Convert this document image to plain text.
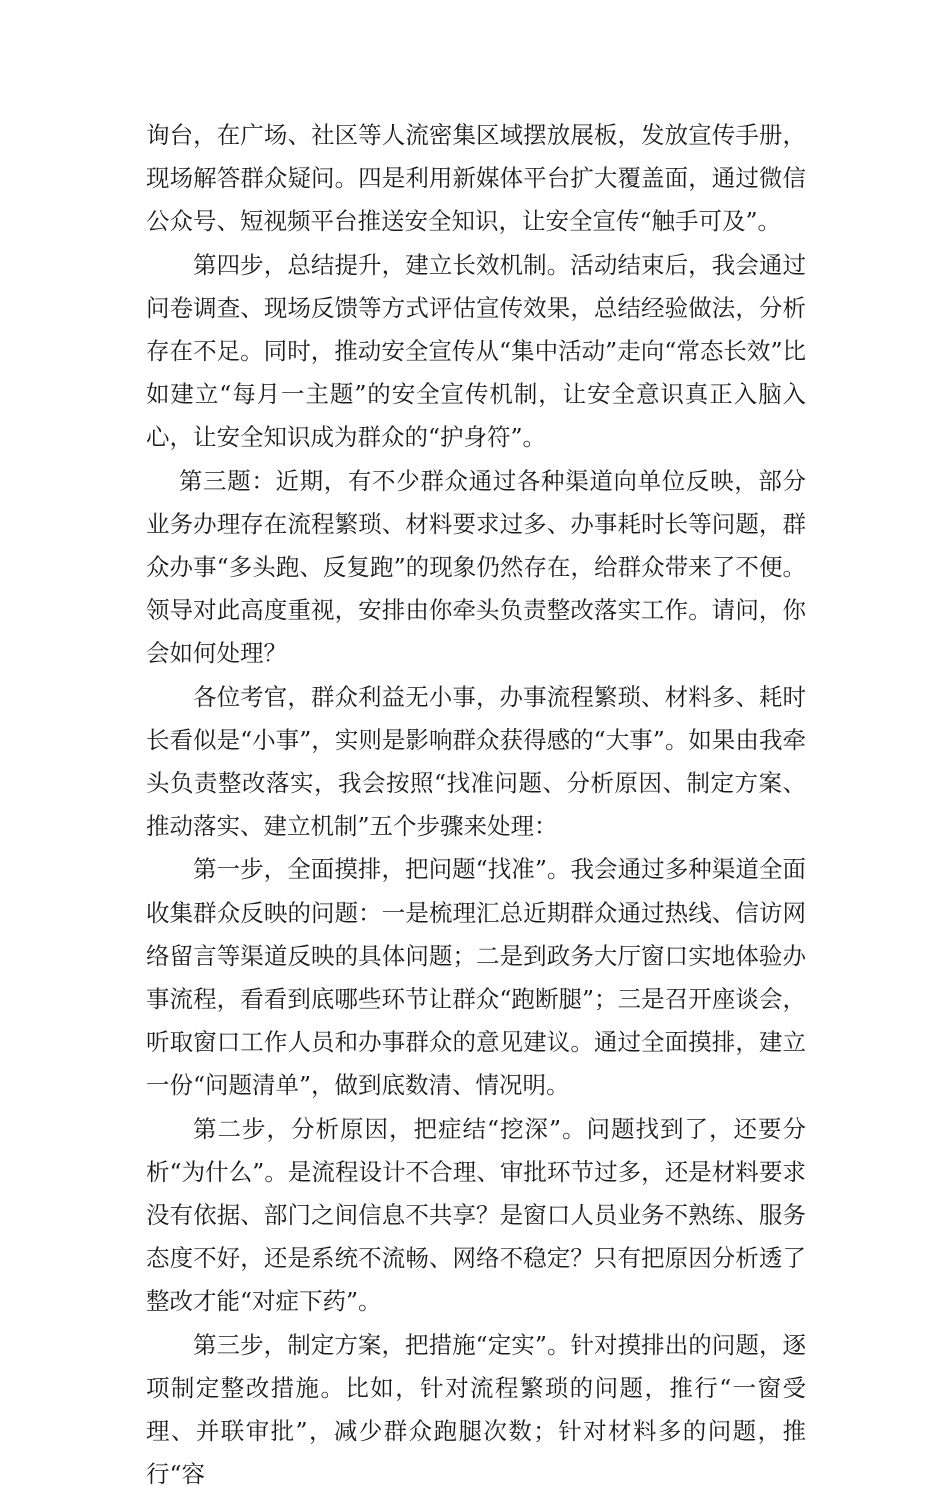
询台，在广场、社区等人流密集区域摆放展板，发放宣传手册，现场解答群众疑问。四是利用新媒体平台扩大覆盖面，通过微信公众号、短视频平台推送安全知识，让安全宣传“触手可及”。

第四步，总结提升，建立长效机制。活动结束后，我会通过问卷调查、现场反馈等方式评估宣传效果，总结经验做法，分析存在不足。同时，推动安全宣传从“集中活动”走向“常态长效”比如建立“每月一主题”的安全宣传机制，让安全意识真正入脑入心，让安全知识成为群众的“护身符”。

第三题：近期，有不少群众通过各种渠道向单位反映，部分业务办理存在流程繁琐、材料要求过多、办事耗时长等问题，群众办事“多头跑、反复跑”的现象仍然存在，给群众带来了不便。领导对此高度重视，安排由你牵头负责整改落实工作。请问，你会如何处理？

各位考官，群众利益无小事，办事流程繁琐、材料多、耗时长看似是“小事”，实则是影响群众获得感的“大事”。如果由我牵头负责整改落实，我会按照“找准问题、分析原因、制定方案、推动落实、建立机制”五个步骤来处理：

第一步，全面摸排，把问题“找准”。我会通过多种渠道全面收集群众反映的问题：一是梳理汇总近期群众通过热线、信访网络留言等渠道反映的具体问题；二是到政务大厅窗口实地体验办事流程，看看到底哪些环节让群众“跑断腿”；三是召开座谈会，听取窗口工作人员和办事群众的意见建议。通过全面摸排，建立一份“问题清单”，做到底数清、情况明。

第二步，分析原因，把症结“挖深”。问题找到了，还要分析“为什么”。是流程设计不合理、审批环节过多，还是材料要求没有依据、部门之间信息不共享？是窗口人员业务不熟练、服务态度不好，还是系统不流畅、网络不稳定？只有把原因分析透了整改才能“对症下药”。

第三步，制定方案，把措施“定实”。针对摸排出的问题，逐项制定整改措施。比如，针对流程繁琐的问题，推行“一窗受理、并联审批”，减少群众跑腿次数；针对材料多的问题，推行“容
